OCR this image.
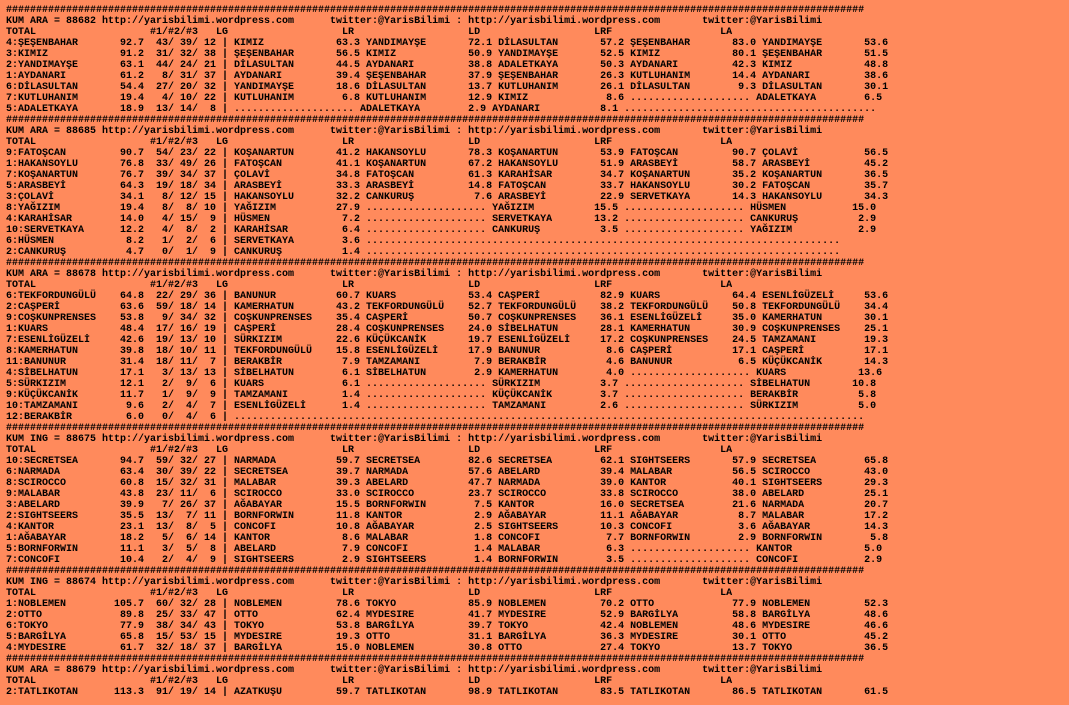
###############################################################################################################################################
KUM ARA = 88682 http://yarisbilimi.wordpress.com      twitter:@YarisBilimi : http://yarisbilimi.wordpress.com       twitter:@YarisBilimi
TOTAL                   #1/#2/#3   LG                   LR                   LD                   LRF                  LA
4:ŞEŞENBAHAR       92.7  43/ 39/ 12 | KIMIZ            63.3 YANDIMAYŞE       72.1 DİLASULTAN       57.2 ŞEŞENBAHAR       83.0 YANDIMAYŞE       53.6
3:KIMIZ            91.2  31/ 32/ 38 | ŞEŞENBAHAR       56.5 KIMIZ            50.9 YANDIMAYŞE       52.5 KIMIZ            80.1 ŞEŞENBAHAR       51.5
2:YANDIMAYŞE       63.1  44/ 24/ 21 | DİLASULTAN       44.5 AYDANARI         38.8 ADALETKAYA       50.3 AYDANARI         42.3 KIMIZ            48.8
1:AYDANARI         61.2   8/ 31/ 37 | AYDANARI         39.4 ŞEŞENBAHAR       37.9 ŞEŞENBAHAR       26.3 KUTLUHANIM       14.4 AYDANARI         38.6
6:DİLASULTAN       54.4  27/ 20/ 32 | YANDIMAYŞE       18.6 DİLASULTAN       13.7 KUTLUHANIM       26.1 DİLASULTAN        9.3 DİLASULTAN       30.1
7:KUTLUHANIM       19.4   4/ 10/ 22 | KUTLUHANIM        6.8 KUTLUHANIM       12.9 KIMIZ             8.6 .................... ADALETKAYA        6.5
5:ADALETKAYA       18.9  13/ 14/  8 | .................... ADALETKAYA        2.9 AYDANARI          8.1 ..........................................
###############################################################################################################################################
KUM ARA = 88685 http://yarisbilimi.wordpress.com      twitter:@YarisBilimi : http://yarisbilimi.wordpress.com       twitter:@YarisBilimi
TOTAL                   #1/#2/#3   LG                   LR                   LD                   LRF                  LA
9:FATOŞCAN         90.7  54/ 23/ 22 | KOŞANARTUN       41.2 HAKANSOYLU       78.3 KOŞANARTUN       53.9 FATOŞCAN         90.7 ÇOLAVİ           56.5
1:HAKANSOYLU       76.8  33/ 49/ 26 | FATOŞCAN         41.1 KOŞANARTUN       67.2 HAKANSOYLU       51.9 ARASBEYİ         58.7 ARASBEYİ         45.2
7:KOŞANARTUN       76.7  39/ 34/ 37 | ÇOLAVİ           34.8 FATOŞCAN         61.3 KARAHİSAR        34.7 KOŞANARTUN       35.2 KOŞANARTUN       36.5
5:ARASBEYİ         64.3  19/ 18/ 34 | ARASBEYİ         33.3 ARASBEYİ         14.8 FATOŞCAN         33.7 HAKANSOYLU       30.2 FATOŞCAN         35.7
3:ÇOLAVİ           34.1   8/ 12/ 15 | HAKANSOYLU       32.2 CANKURUŞ          7.6 ARASBEYİ         22.9 SERVETKAYA       14.3 HAKANSOYLU       34.3
8:YAĞIZIM          19.4   8/  8/ 10 | YAĞIZIM          27.9 .................... YAĞIZIM          15.5 .................... HÜSMEN           15.0
4:KARAHİSAR        14.0   4/ 15/  9 | HÜSMEN            7.2 .................... SERVETKAYA       13.2 .................... CANKURUŞ          2.9
10:SERVETKAYA      12.2   4/  8/  2 | KARAHİSAR         6.4 .................... CANKURUŞ          3.5 .................... YAĞIZIM           2.9
6:HÜSMEN            8.2   1/  2/  6 | SERVETKAYA        3.6 ...............................................................................
2:CANKURUŞ          4.7   0/  1/  9 | CANKURUŞ          1.4 ...............................................................................
###############################################################################################################################################
KUM ARA = 88678 http://yarisbilimi.wordpress.com      twitter:@YarisBilimi : http://yarisbilimi.wordpress.com       twitter:@YarisBilimi
TOTAL                   #1/#2/#3   LG                   LR                   LD                   LRF                  LA
6:TEKFORDUNGÜLÜ    64.8  22/ 29/ 36 | BANUNUR          60.7 KUARS            53.4 CAŞPERİ          82.9 KUARS            64.4 ESENLİGÜZELİ     53.6
2:CAŞPERİ          63.6  59/ 18/ 14 | KAMERHATUN       43.2 TEKFORDUNGÜLÜ    52.7 TEKFORDUNGÜLÜ    38.2 TEKFORDUNGÜLÜ    50.8 TEKFORDUNGÜLÜ    34.4
9:COŞKUNPRENSES    53.8   9/ 34/ 32 | COŞKUNPRENSES    35.4 CAŞPERİ          50.7 COŞKUNPRENSES    36.1 ESENLİGÜZELİ     35.0 KAMERHATUN       30.1
1:KUARS            48.4  17/ 16/ 19 | CAŞPERİ          28.4 COŞKUNPRENSES    24.0 SİBELHATUN       28.1 KAMERHATUN       30.9 COŞKUNPRENSES    25.1
7:ESENLİGÜZELİ     42.6  19/ 13/ 10 | SÜRKIZIM         22.6 KÜÇÜKCANİK       19.7 ESENLİGÜZELİ     17.2 COŞKUNPRENSES    24.5 TAMZAMANI        19.3
8:KAMERHATUN       39.8  18/ 10/ 11 | TEKFORDUNGÜLÜ    15.8 ESENLİGÜZELİ     17.9 BANUNUR           8.6 CAŞPERİ          17.1 CAŞPERİ          17.1
11:BANUNUR         31.4  18/ 11/  7 | BERAKBİR          7.9 TAMZAMANI         7.9 BERAKBİR          4.6 BANUNUR           6.5 KÜÇÜKCANİK       14.3
4:SİBELHATUN       17.1   3/ 13/ 13 | SİBELHATUN        6.1 SİBELHATUN        2.9 KAMERHATUN        4.0 .................... KUARS            13.6
5:SÜRKIZIM         12.1   2/  9/  6 | KUARS             6.1 .................... SÜRKIZIM          3.7 .................... SİBELHATUN       10.8
9:KÜÇÜKCANİK       11.7   1/  9/  9 | TAMZAMANI         1.4 .................... KÜÇÜKCANİK        3.7 .................... BERAKBİR          5.8
10:TAMZAMANI        9.6   2/  4/  7 | ESENLİGÜZELİ      1.4 .................... TAMZAMANI         2.6 .................... SÜRKIZIM          5.0
12:BERAKBİR         6.0   0/  4/  6 | .........................................................................................................
###############################################################################################################################################
KUM ING = 88675 http://yarisbilimi.wordpress.com      twitter:@YarisBilimi : http://yarisbilimi.wordpress.com       twitter:@YarisBilimi
TOTAL                   #1/#2/#3   LG                   LR                   LD                   LRF                  LA
10:SECRETSEA       94.7  59/ 32/ 27 | NARMADA          59.7 SECRETSEA        82.6 SECRETSEA        62.1 SIGHTSEERS       57.9 SECRETSEA        65.8
6:NARMADA          63.4  30/ 39/ 22 | SECRETSEA        39.7 NARMADA          57.6 ABELARD          39.4 MALABAR          56.5 SCIROCCO         43.0
8:SCIROCCO         60.8  15/ 32/ 31 | MALABAR          39.3 ABELARD          47.7 NARMADA          39.0 KANTOR           40.1 SIGHTSEERS       29.3
9:MALABAR          43.8  23/ 11/  6 | SCIROCCO         33.0 SCIROCCO         23.7 SCIROCCO         33.8 SCIROCCO         38.0 ABELARD          25.1
3:ABELARD          39.9   7/ 26/ 37 | AĞABAYAR         15.5 BORNFORWIN        7.5 KANTOR           16.0 SECRETSEA        21.6 NARMADA          20.7
2:SIGHTSEERS       35.5  13/  7/ 11 | BORNFORWIN       11.8 KANTOR            2.9 AĞABAYAR         11.1 AĞABAYAR          8.7 MALABAR          17.2
4:KANTOR           23.1  13/  8/  5 | CONCOFI          10.8 AĞABAYAR          2.5 SIGHTSEERS       10.3 CONCOFI           3.6 AĞABAYAR         14.3
1:AĞABAYAR         18.2   5/  6/ 14 | KANTOR            8.6 MALABAR           1.8 CONCOFI           7.7 BORNFORWIN        2.9 BORNFORWIN        5.8
5:BORNFORWIN       11.1   3/  5/  8 | ABELARD           7.9 CONCOFI           1.4 MALABAR           6.3 .................... KANTOR            5.0
7:CONCOFI          10.4   2/  4/  9 | SIGHTSEERS        2.9 SIGHTSEERS        1.4 BORNFORWIN        3.5 .................... CONCOFI           2.9
###############################################################################################################################################
KUM ING = 88674 http://yarisbilimi.wordpress.com      twitter:@YarisBilimi : http://yarisbilimi.wordpress.com       twitter:@YarisBilimi
TOTAL                   #1/#2/#3   LG                   LR                   LD                   LRF                  LA
1:NOBLEMEN        105.7  60/ 32/ 28 | NOBLEMEN         78.6 TOKYO            85.9 NOBLEMEN         70.2 OTTO             77.9 NOBLEMEN         52.3
2:OTTO             89.8  25/ 33/ 47 | OTTO             62.4 MYDESIRE         41.7 MYDESIRE         52.9 BARGİLYA         58.8 BARGİLYA         48.6
6:TOKYO            77.9  38/ 34/ 43 | TOKYO            53.8 BARGİLYA         39.7 TOKYO            42.4 NOBLEMEN         48.6 MYDESIRE         46.6
5:BARGİLYA         65.8  15/ 53/ 15 | MYDESIRE         19.3 OTTO             31.1 BARGİLYA         36.3 MYDESIRE         30.1 OTTO             45.2
4:MYDESIRE         61.7  32/ 18/ 37 | BARGİLYA         15.0 NOBLEMEN         30.8 OTTO             27.4 TOKYO            13.7 TOKYO            36.5
###############################################################################################################################################
KUM ARA = 88679 http://yarisbilimi.wordpress.com      twitter:@YarisBilimi : http://yarisbilimi.wordpress.com       twitter:@YarisBilimi
TOTAL                   #1/#2/#3   LG                   LR                   LD                   LRF                  LA
2:TATLIKOTAN      113.3  91/ 19/ 14 | AZATKUŞU         59.7 TATLIKOTAN       98.9 TATLIKOTAN       83.5 TATLIKOTAN       86.5 TATLIKOTAN       61.5
